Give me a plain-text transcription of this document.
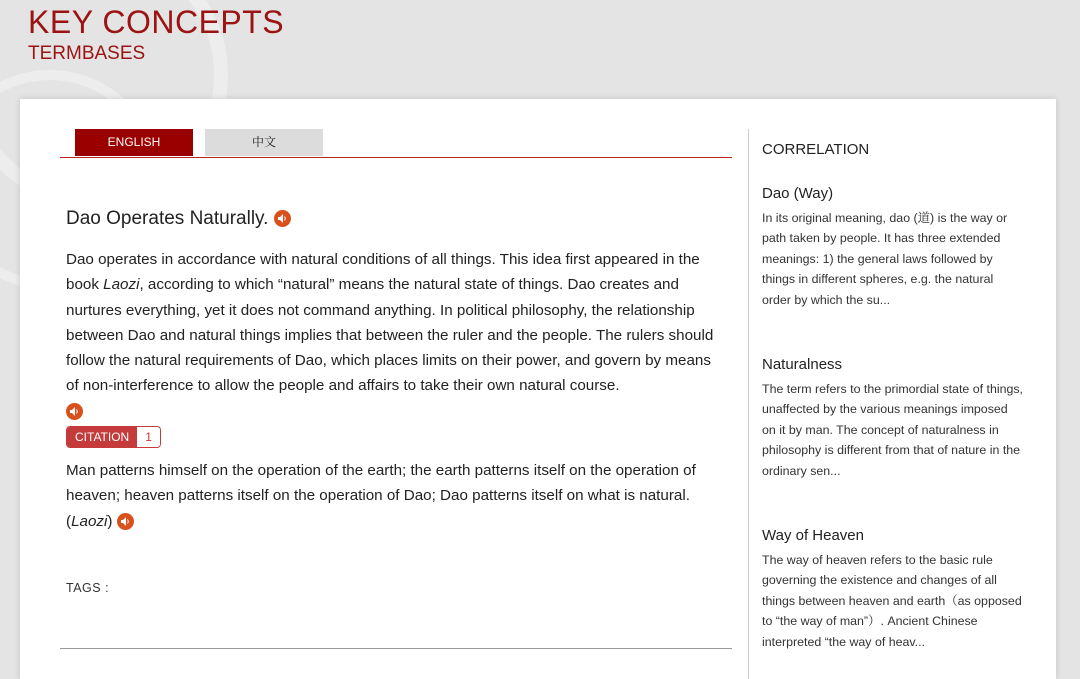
KEY CONCEPTS
TERMBASES
ENGLISH	中文
Dao Operates Naturally.
Dao operates in accordance with natural conditions of all things. This idea first appeared in the book Laozi, according to which “natural” means the natural state of things. Dao creates and nurtures everything, yet it does not command anything. In political philosophy, the relationship between Dao and natural things implies that between the ruler and the people. The rulers should follow the natural requirements of Dao, which places limits on their power, and govern by means of non-interference to allow the people and affairs to take their own natural course.

CITATION	1
Man patterns himself on the operation of the earth; the earth patterns itself on the operation of heaven; heaven patterns itself on the operation of Dao; Dao patterns itself on what is natural. (Laozi)
TAGS :
CORRELATION
Dao (Way)
In its original meaning, dao (道) is the way or path taken by people. It has three extended meanings: 1) the general laws followed by things in different spheres, e.g. the natural order by which the su...
Naturalness
The term refers to the primordial state of things, unaffected by the various meanings imposed on it by man. The concept of naturalness in philosophy is different from that of nature in the ordinary sen...
Way of Heaven
The way of heaven refers to the basic rule governing the existence and changes of all things between heaven and earth（as opposed to “the way of man”）. Ancient Chinese interpreted “the way of heav...
